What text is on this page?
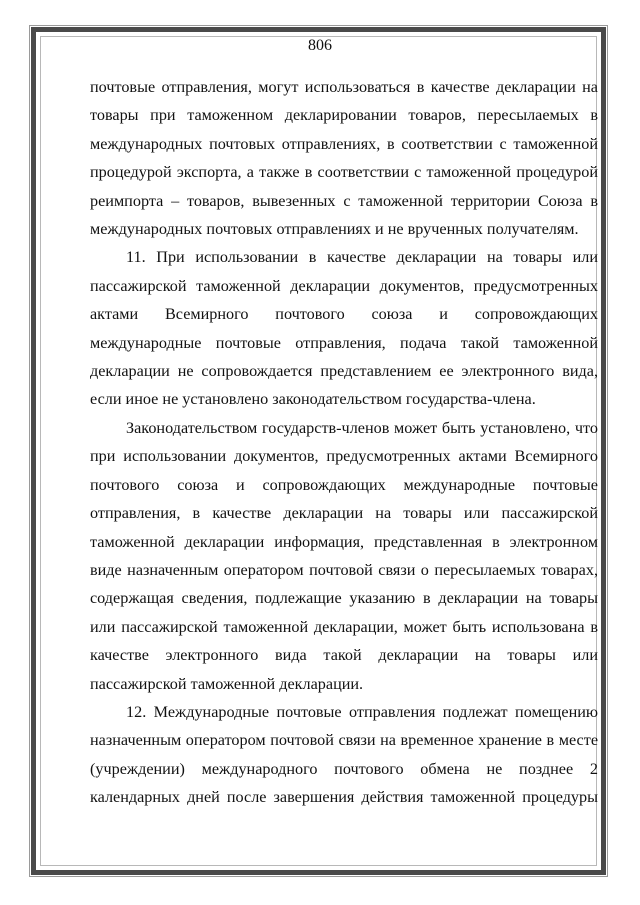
806

почтовые отправления, могут использоваться в качестве декларации на товары при таможенном декларировании товаров, пересылаемых в международных почтовых отправлениях, в соответствии с таможенной процедурой экспорта, а также в соответствии с таможенной процедурой реимпорта – товаров, вывезенных с таможенной территории Союза в международных почтовых отправлениях и не врученных получателям.

11. При использовании в качестве декларации на товары или пассажирской таможенной декларации документов, предусмотренных актами Всемирного почтового союза и сопровождающих международные почтовые отправления, подача такой таможенной декларации не сопровождается представлением ее электронного вида, если иное не установлено законодательством государства-члена.

Законодательством государств-членов может быть установлено, что при использовании документов, предусмотренных актами Всемирного почтового союза и сопровождающих международные почтовые отправления, в качестве декларации на товары или пассажирской таможенной декларации информация, представленная в электронном виде назначенным оператором почтовой связи о пересылаемых товарах, содержащая сведения, подлежащие указанию в декларации на товары или пассажирской таможенной декларации, может быть использована в качестве электронного вида такой декларации на товары или пассажирской таможенной декларации.

12. Международные почтовые отправления подлежат помещению назначенным оператором почтовой связи на временное хранение в месте (учреждении) международного почтового обмена не позднее 2 календарных дней после завершения действия таможенной процедуры
